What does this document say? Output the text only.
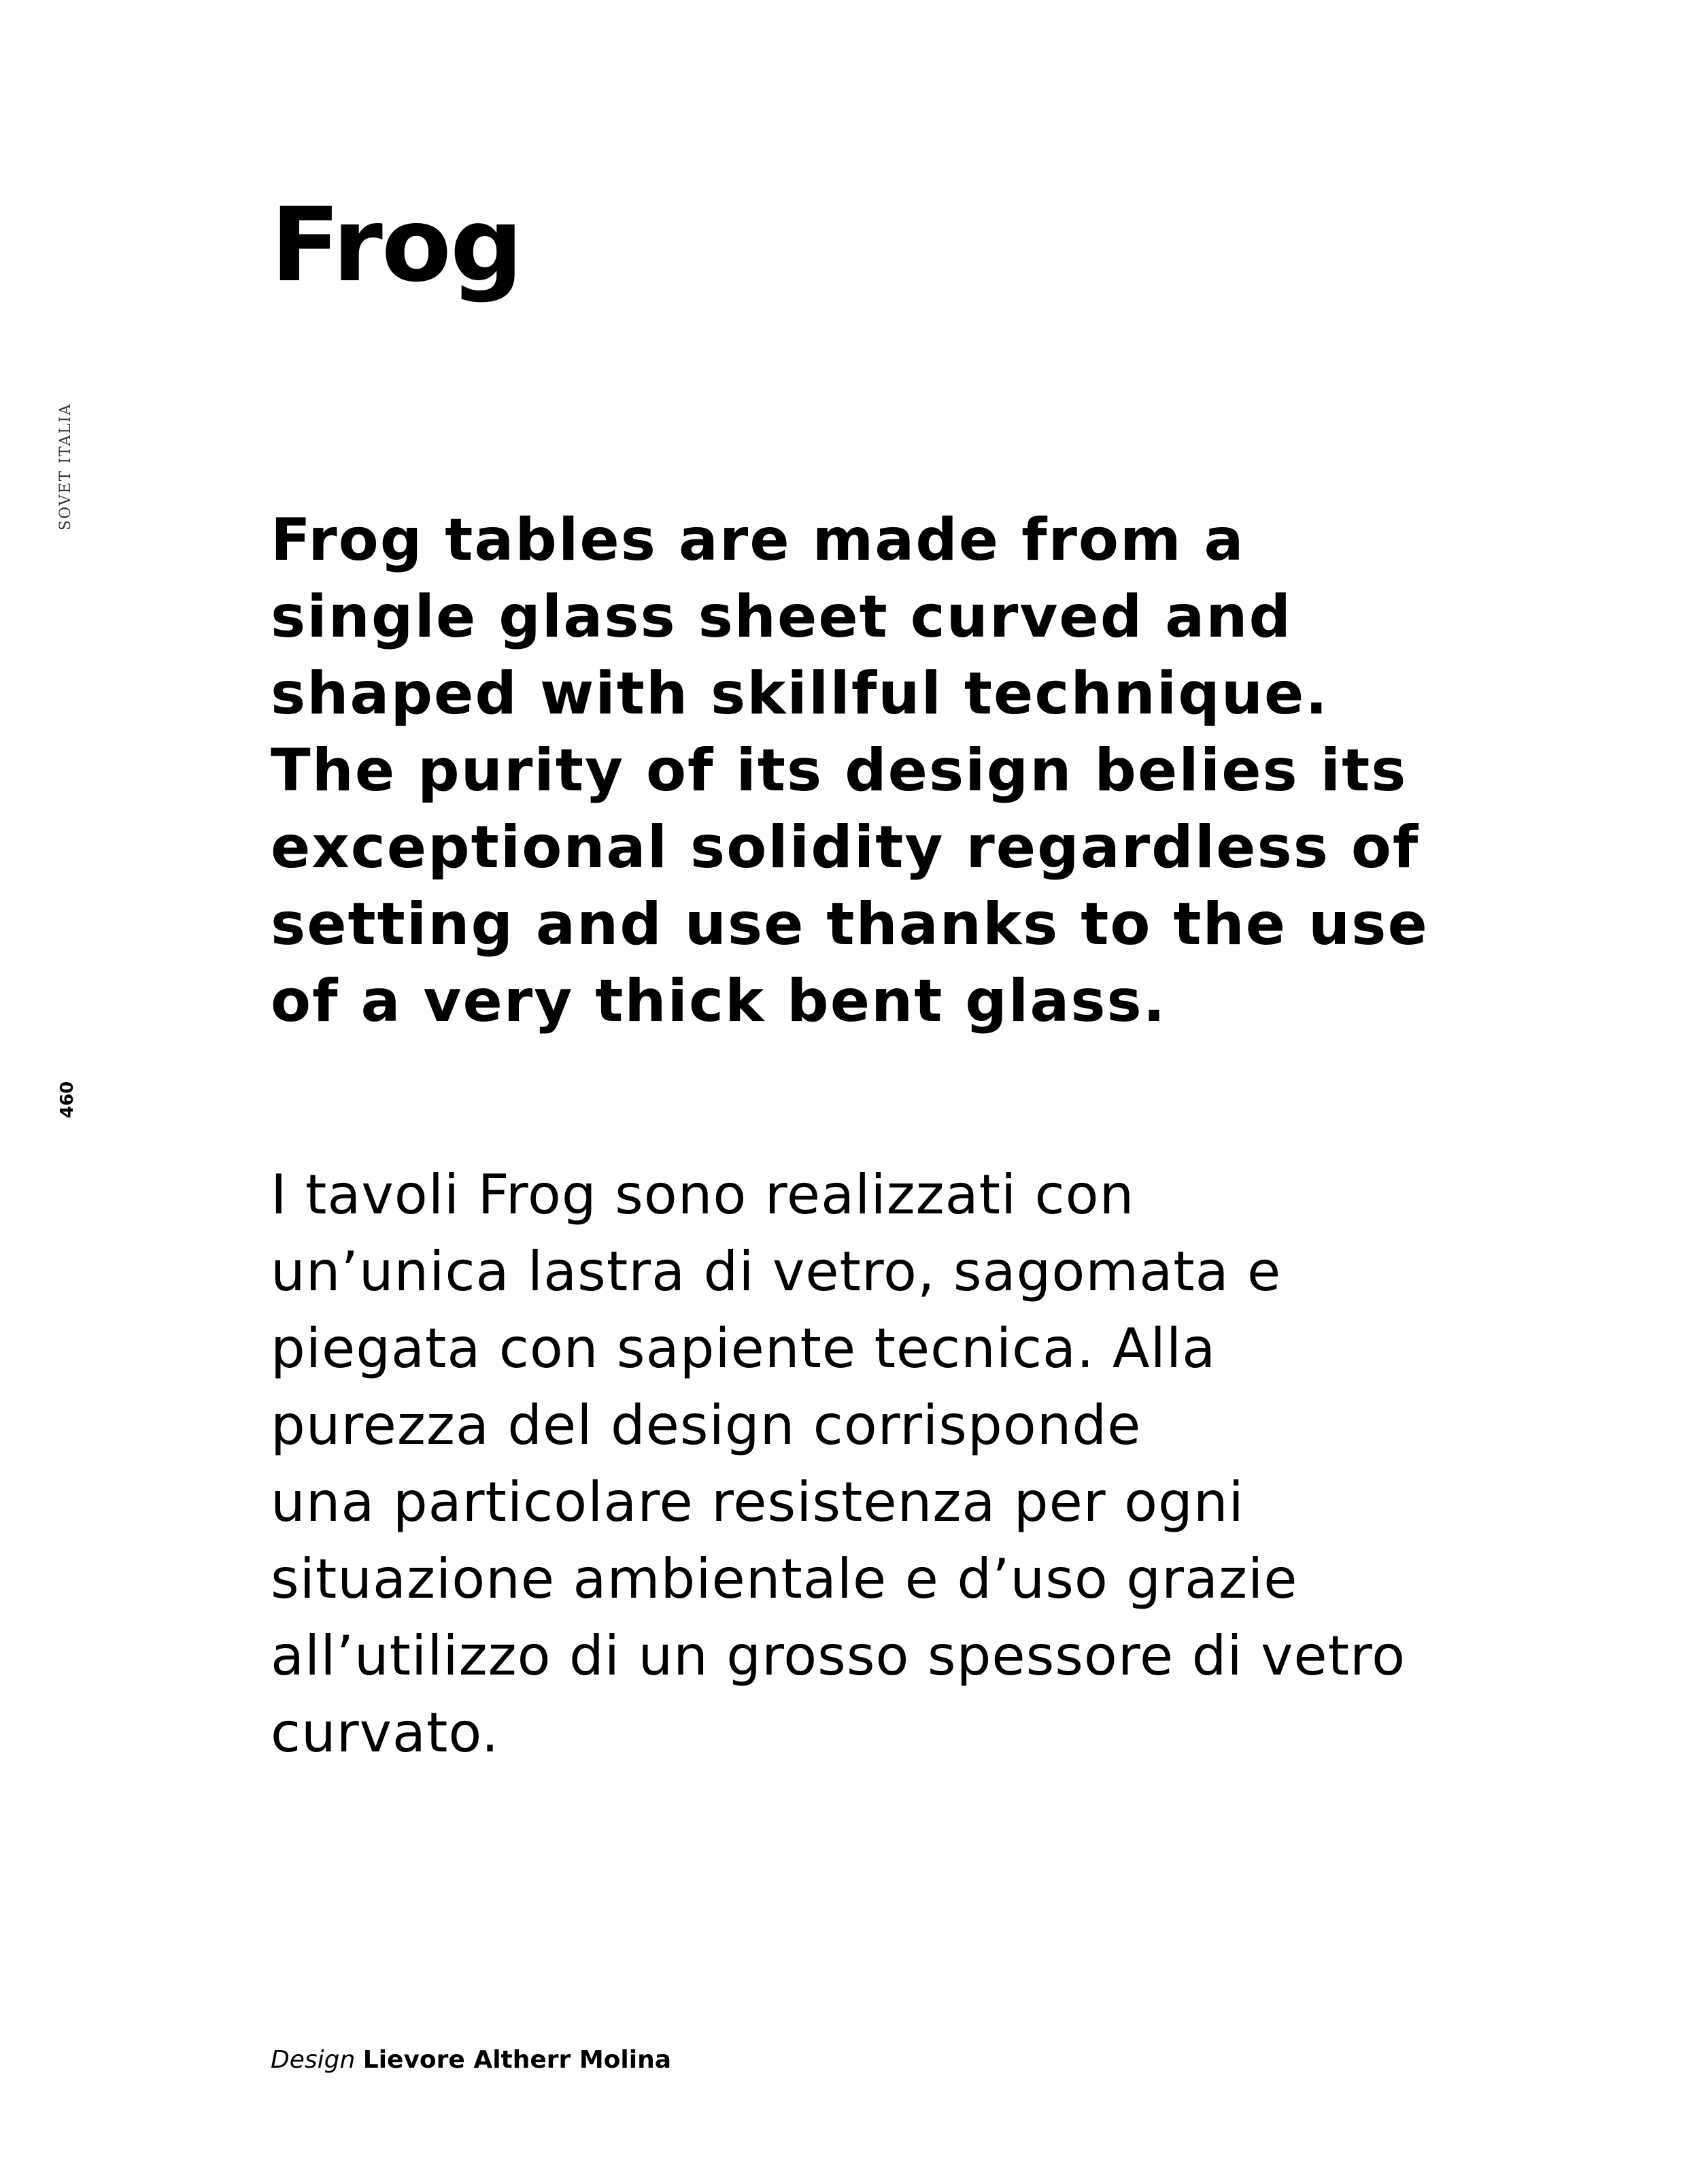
SOVET ITALIA
460
Frog

Frog tables are made from a
single glass sheet curved and
shaped with skillful technique.
The purity of its design belies its
exceptional solidity regardless of
setting and use thanks to the use
of a very thick bent glass.

I tavoli Frog sono realizzati con
un’unica lastra di vetro, sagomata e
piegata con sapiente tecnica. Alla
purezza del design corrisponde
una particolare resistenza per ogni
situazione ambientale e d’uso grazie
all’utilizzo di un grosso spessore di vetro
curvato.

Design Lievore Altherr Molina
